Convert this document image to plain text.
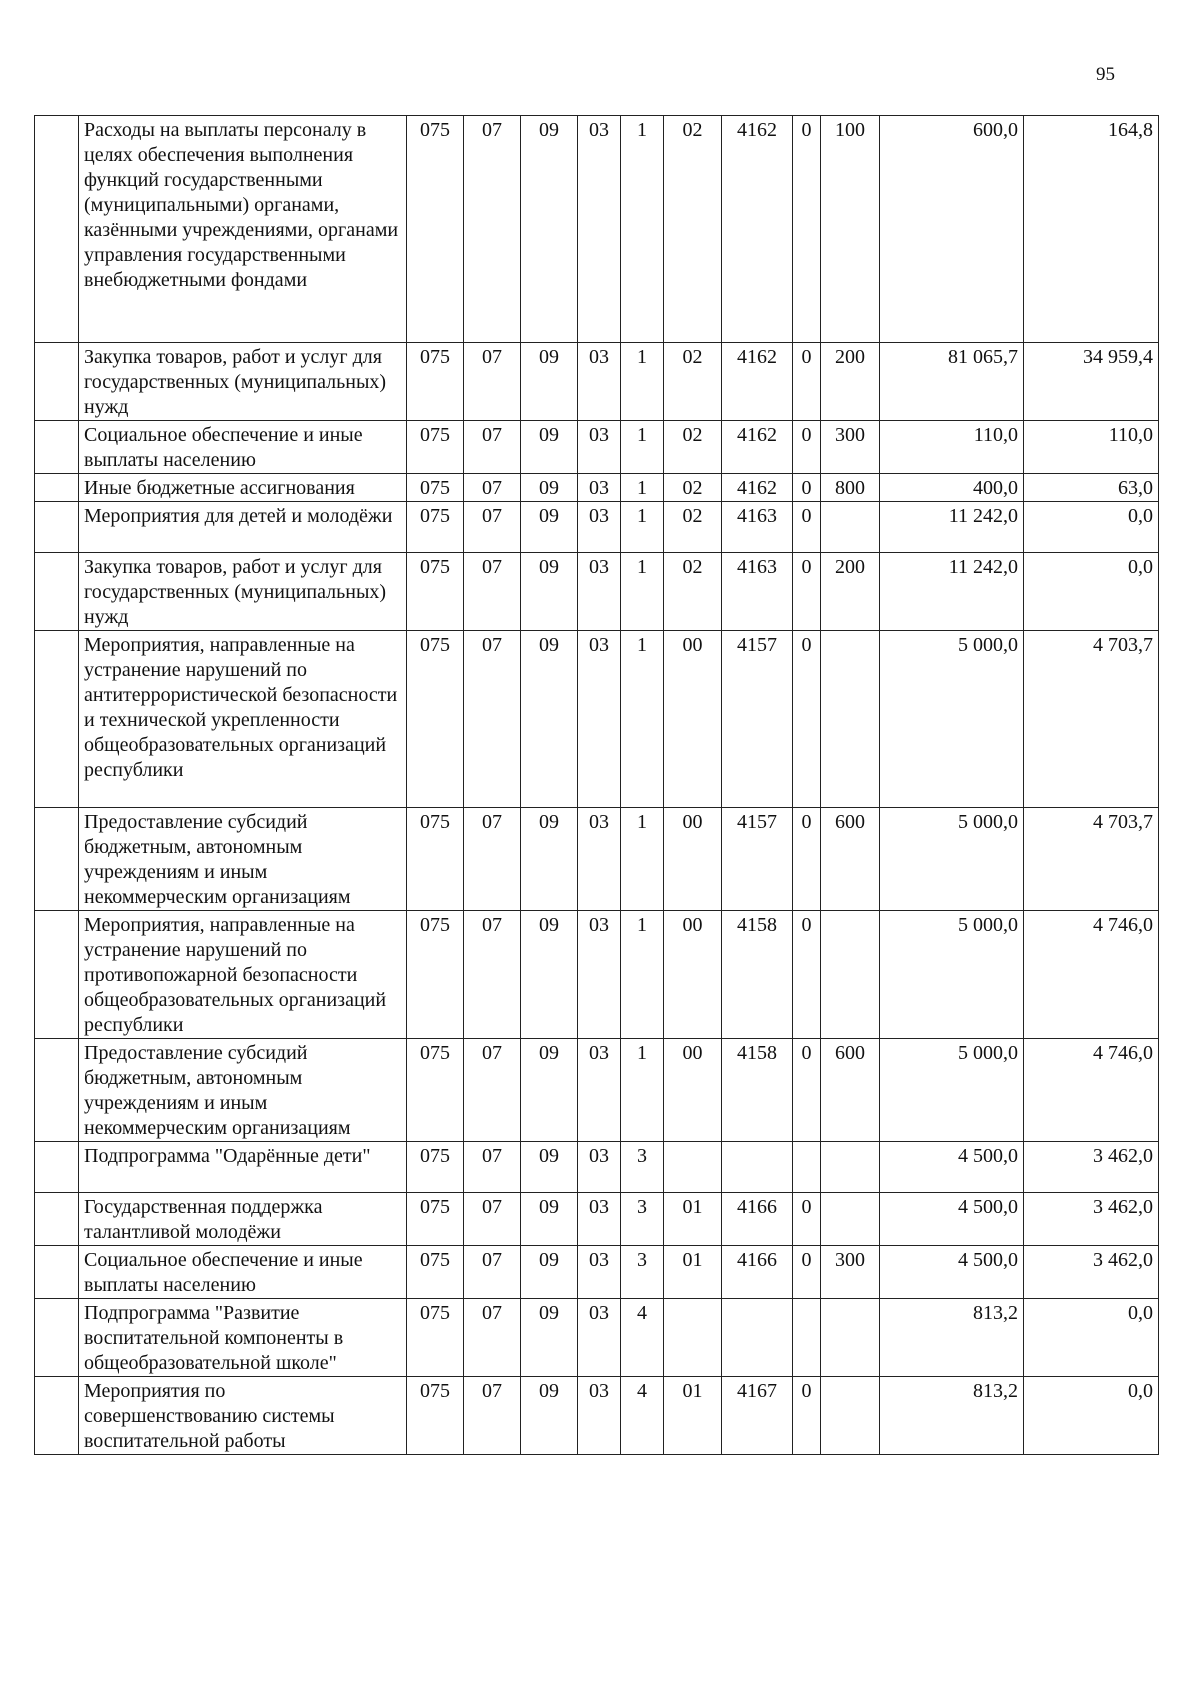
95
	Расходы на выплаты персоналу в целях обеспечения выполнения функций государственными (муниципальными) органами, казёнными учреждениями, органами управления государственными внебюджетными фондами	075	07	09	03	1	02	4162	0	100	600,0	164,8
	Закупка товаров, работ и услуг для государственных (муниципальных) нужд	075	07	09	03	1	02	4162	0	200	81 065,7	34 959,4
	Социальное обеспечение и иные выплаты населению	075	07	09	03	1	02	4162	0	300	110,0	110,0
	Иные бюджетные ассигнования	075	07	09	03	1	02	4162	0	800	400,0	63,0
	Мероприятия для детей и молодёжи	075	07	09	03	1	02	4163	0		11 242,0	0,0
	Закупка товаров, работ и услуг для государственных (муниципальных) нужд	075	07	09	03	1	02	4163	0	200	11 242,0	0,0
	Мероприятия, направленные на устранение нарушений по антитеррористической безопасности и технической укрепленности общеобразовательных организаций республики	075	07	09	03	1	00	4157	0		5 000,0	4 703,7
	Предоставление субсидий бюджетным, автономным учреждениям и иным некоммерческим организациям	075	07	09	03	1	00	4157	0	600	5 000,0	4 703,7
	Мероприятия, направленные на устранение нарушений по противопожарной безопасности общеобразовательных организаций республики	075	07	09	03	1	00	4158	0		5 000,0	4 746,0
	Предоставление субсидий бюджетным, автономным учреждениям и иным некоммерческим организациям	075	07	09	03	1	00	4158	0	600	5 000,0	4 746,0
	Подпрограмма "Одарённые дети"	075	07	09	03	3					4 500,0	3 462,0
	Государственная поддержка талантливой молодёжи	075	07	09	03	3	01	4166	0		4 500,0	3 462,0
	Социальное обеспечение и иные выплаты населению	075	07	09	03	3	01	4166	0	300	4 500,0	3 462,0
	Подпрограмма "Развитие воспитательной компоненты в общеобразовательной школе"	075	07	09	03	4					813,2	0,0
	Мероприятия по совершенствованию системы воспитательной работы	075	07	09	03	4	01	4167	0		813,2	0,0
